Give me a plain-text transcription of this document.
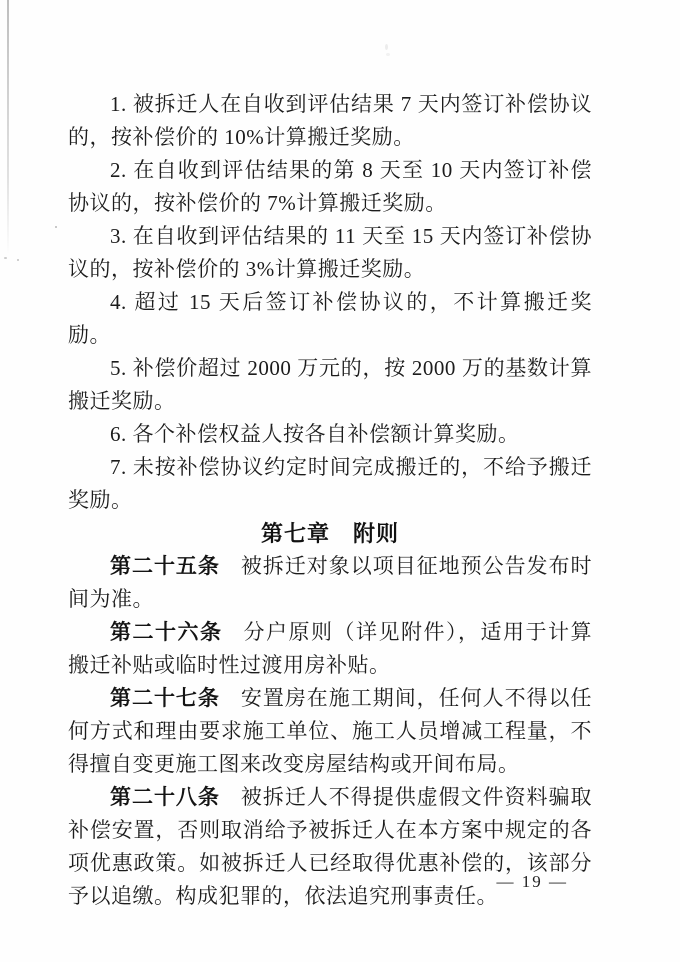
1. 被拆迁人在自收到评估结果 7 天内签订补偿协议的，按补偿价的 10%计算搬迁奖励。

2. 在自收到评估结果的第 8 天至 10 天内签订补偿协议的，按补偿价的 7%计算搬迁奖励。

3. 在自收到评估结果的 11 天至 15 天内签订补偿协议的，按补偿价的 3%计算搬迁奖励。

4. 超过 15 天后签订补偿协议的，不计算搬迁奖励。

5. 补偿价超过 2000 万元的，按 2000 万的基数计算搬迁奖励。

6. 各个补偿权益人按各自补偿额计算奖励。

7. 未按补偿协议约定时间完成搬迁的，不给予搬迁奖励。

第七章　附则

第二十五条 被拆迁对象以项目征地预公告发布时间为准。

第二十六条 分户原则（详见附件），适用于计算搬迁补贴或临时性过渡用房补贴。

第二十七条 安置房在施工期间，任何人不得以任何方式和理由要求施工单位、施工人员增减工程量，不得擅自变更施工图来改变房屋结构或开间布局。

第二十八条 被拆迁人不得提供虚假文件资料骗取补偿安置，否则取消给予被拆迁人在本方案中规定的各项优惠政策。如被拆迁人已经取得优惠补偿的，该部分予以追缴。构成犯罪的，依法追究刑事责任。

— 19 —
